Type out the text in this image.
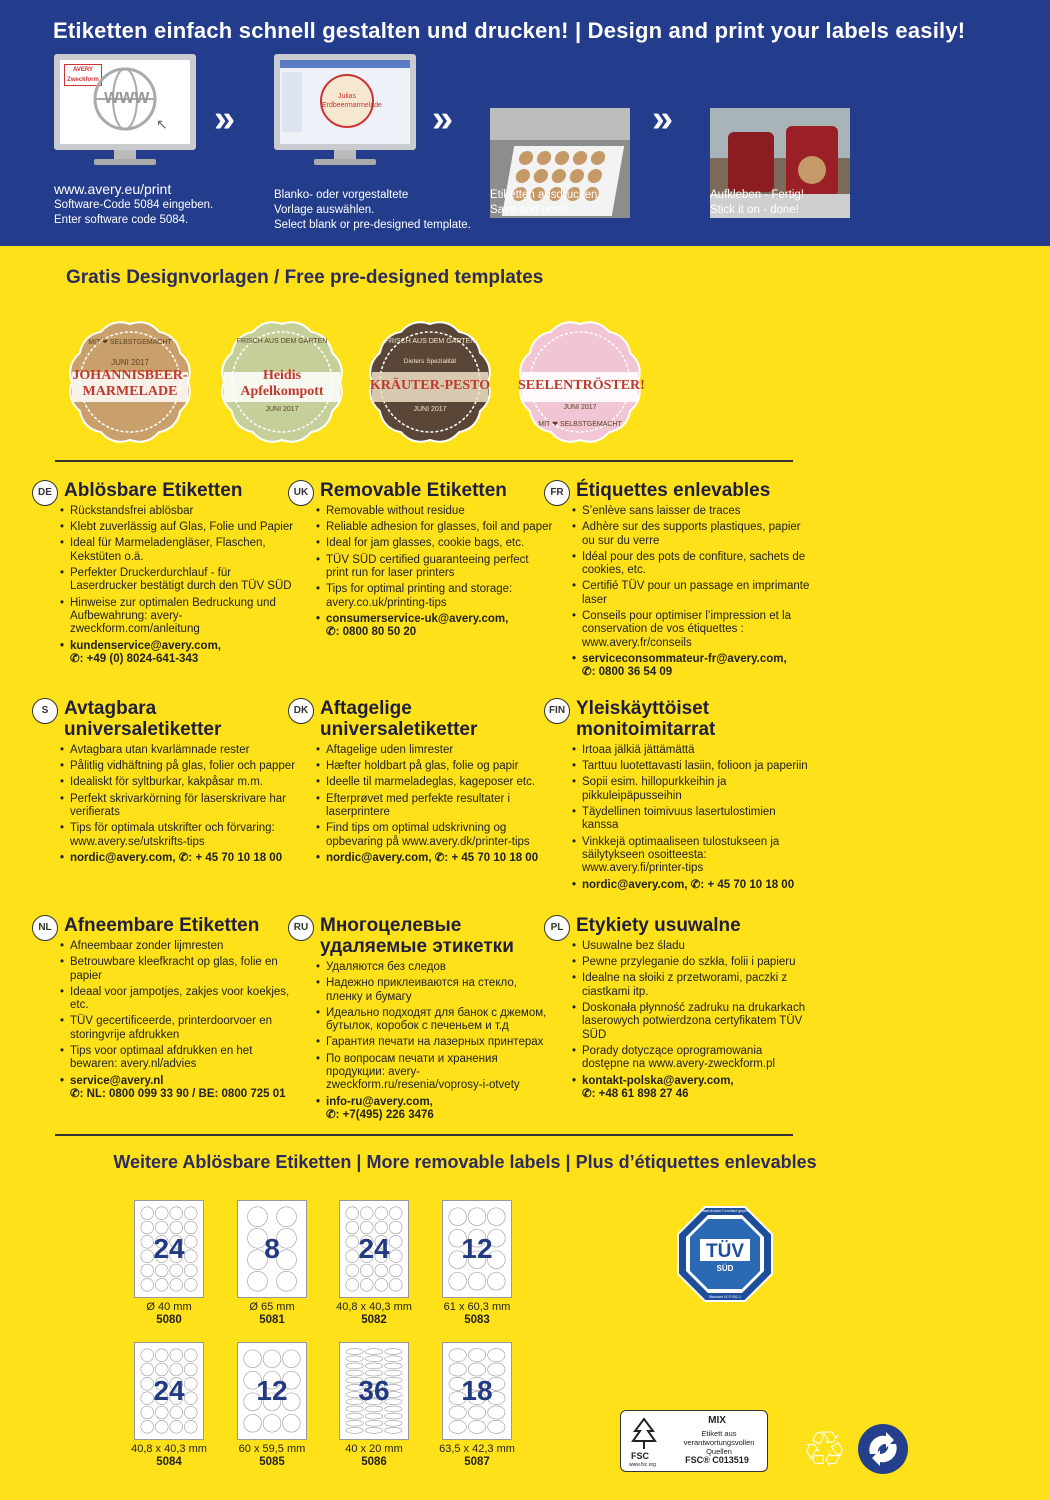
Etiketten einfach schnell gestalten und drucken! | Design and print your labels easily!
AVERY Zweckform
WWW
↖
www.avery.eu/print
Software-Code 5084 eingeben.
Enter software code 5084.
»
Julias Erdbeermarmelade
Blanko- oder vorgestaltete
Vorlage auswählen.
Select blank or pre-designed template.
»
Etiketten ausdrucken.
Save and print!
»
Aufkleben - Fertig!
Stick it on - done!
Gratis Designvorlagen / Free pre-designed templates
MIT ❤ SELBSTGEMACHT
JUNI 2017
JOHANNISBEER-
MARMELADE
FRISCH AUS DEM GARTEN
Heidis
Apfelkompott
JUNI 2017
FRISCH AUS DEM GARTEN
Dieters Spezialität
KRÄUTER-PESTO

JUNI 2017
SEELENTRÖSTER!

JUNI 2017
MIT ❤ SELBSTGEMACHT
DE Ablösbare Etiketten
• Rückstandsfrei ablösbar
• Klebt zuverlässig auf Glas, Folie und Papier
• Ideal für Marmeladengläser, Flaschen, Kekstüten o.ä.
• Perfekter Druckerdurchlauf - für Laserdrucker bestätigt durch den TÜV SÜD
• Hinweise zur optimalen Bedruckung und Aufbewahrung: avery-zweckform.com/anleitung
• kundenservice@avery.com,
✆: +49 (0) 8024-641-343
UK Removable Etiketten
• Removable without residue
• Reliable adhesion for glasses, foil and paper
• Ideal for jam glasses, cookie bags, etc.
• TÜV SÜD certified guaranteeing perfect print run for laser printers
• Tips for optimal printing and storage: avery.co.uk/printing-tips
• consumerservice-uk@avery.com,
✆: 0800 80 50 20
FR Étiquettes enlevables
• S’enlève sans laisser de traces
• Adhère sur des supports plastiques, papier ou sur du verre
• Idéal pour des pots de confiture, sachets de cookies, etc.
• Certifié TÜV pour un passage en imprimante laser
• Conseils pour optimiser l’impression et la conservation de vos étiquettes : www.avery.fr/conseils
• serviceconsommateur-fr@avery.com,
✆: 0800 36 54 09
S Avtagbara universaletiketter
• Avtagbara utan kvarlämnade rester
• Pålitlig vidhäftning på glas, folier och papper
• Idealiskt för syltburkar, kakpåsar m.m.
• Perfekt skrivarkörning för laserskrivare har verifierats
• Tips för optimala utskrifter och förvaring: www.avery.se/utskrifts-tips
• nordic@avery.com, ✆: + 45 70 10 18 00
DK Aftagelige universaletiketter
• Aftagelige uden limrester
• Hæfter holdbart på glas, folie og papir
• Ideelle til marmeladeglas, kageposer etc.
• Efterprøvet med perfekte resultater i laserprintere
• Find tips om optimal udskrivning og opbevaring på www.avery.dk/printer-tips
• nordic@avery.com, ✆: + 45 70 10 18 00
FIN Yleiskäyttöiset monitoimitarrat
• Irtoaa jälkiä jättämättä
• Tarttuu luotettavasti lasiin, folioon ja paperiin
• Sopii esim. hillopurkkeihin ja pikkuleipäpusseihin
• Täydellinen toimivuus lasertulostimien kanssa
• Vinkkejä optimaaliseen tulostukseen ja säilytykseen osoitteesta: www.avery.fi/printer-tips
• nordic@avery.com, ✆: + 45 70 10 18 00
NL Afneembare Etiketten
• Afneembaar zonder lijmresten
• Betrouwbare kleefkracht op glas, folie en papier
• Ideaal voor jampotjes, zakjes voor koekjes, etc.
• TÜV gecertificeerde, printerdoorvoer en storingvrije afdrukken
• Tips voor optimaal afdrukken en het bewaren: avery.nl/advies
• service@avery.nl
✆: NL: 0800 099 33 90 / BE: 0800 725 01
RU Многоцелевые удаляемые этикетки
• Удаляются без следов
• Надежно приклеиваются на стекло, пленку и бумагу
• Идеально подходят для банок с джемом, бутылок, коробок с печеньем и т.д
• Гарантия печати на лазерных принтерах
• По вопросам печати и хранения продукции: avery-zweckform.ru/resenia/voprosy-i-otvety
• info-ru@avery.com,
✆: +7(495) 226 3476
PL Etykiety usuwalne
• Usuwalne bez śladu
• Pewne przyleganie do szkła, folii i papieru
• Idealne na słoiki z przetworami, paczki z ciastkami itp.
• Doskonała płynność zadruku na drukarkach laserowych potwierdzona certyfikatem TÜV SÜD
• Porady dotyczące oprogramowania dostępne na www.avery-zweckform.pl
• kontakt-polska@avery.com,
✆: +48 61 898 27 46
Weitere Ablösbare Etiketten | More removable labels | Plus d’étiquettes enlevables
24
Ø 40 mm
5080
8
Ø 65 mm
5081
24
40,8 x 40,3 mm
5082
12
61 x 60,3 mm
5083
24
40,8 x 40,3 mm
5084
12
60 x 59,5 mm
5085
36
40 x 20 mm
5086
18
63,5 x 42,3 mm
5087
TÜV
SÜD
Laserdrucker Durchlauf geprüft
Standard IS-P-002-1
FSC
www.fsc.org
MIX
Etikett aus verantwortungsvollen Quellen
FSC® C013519	♲
